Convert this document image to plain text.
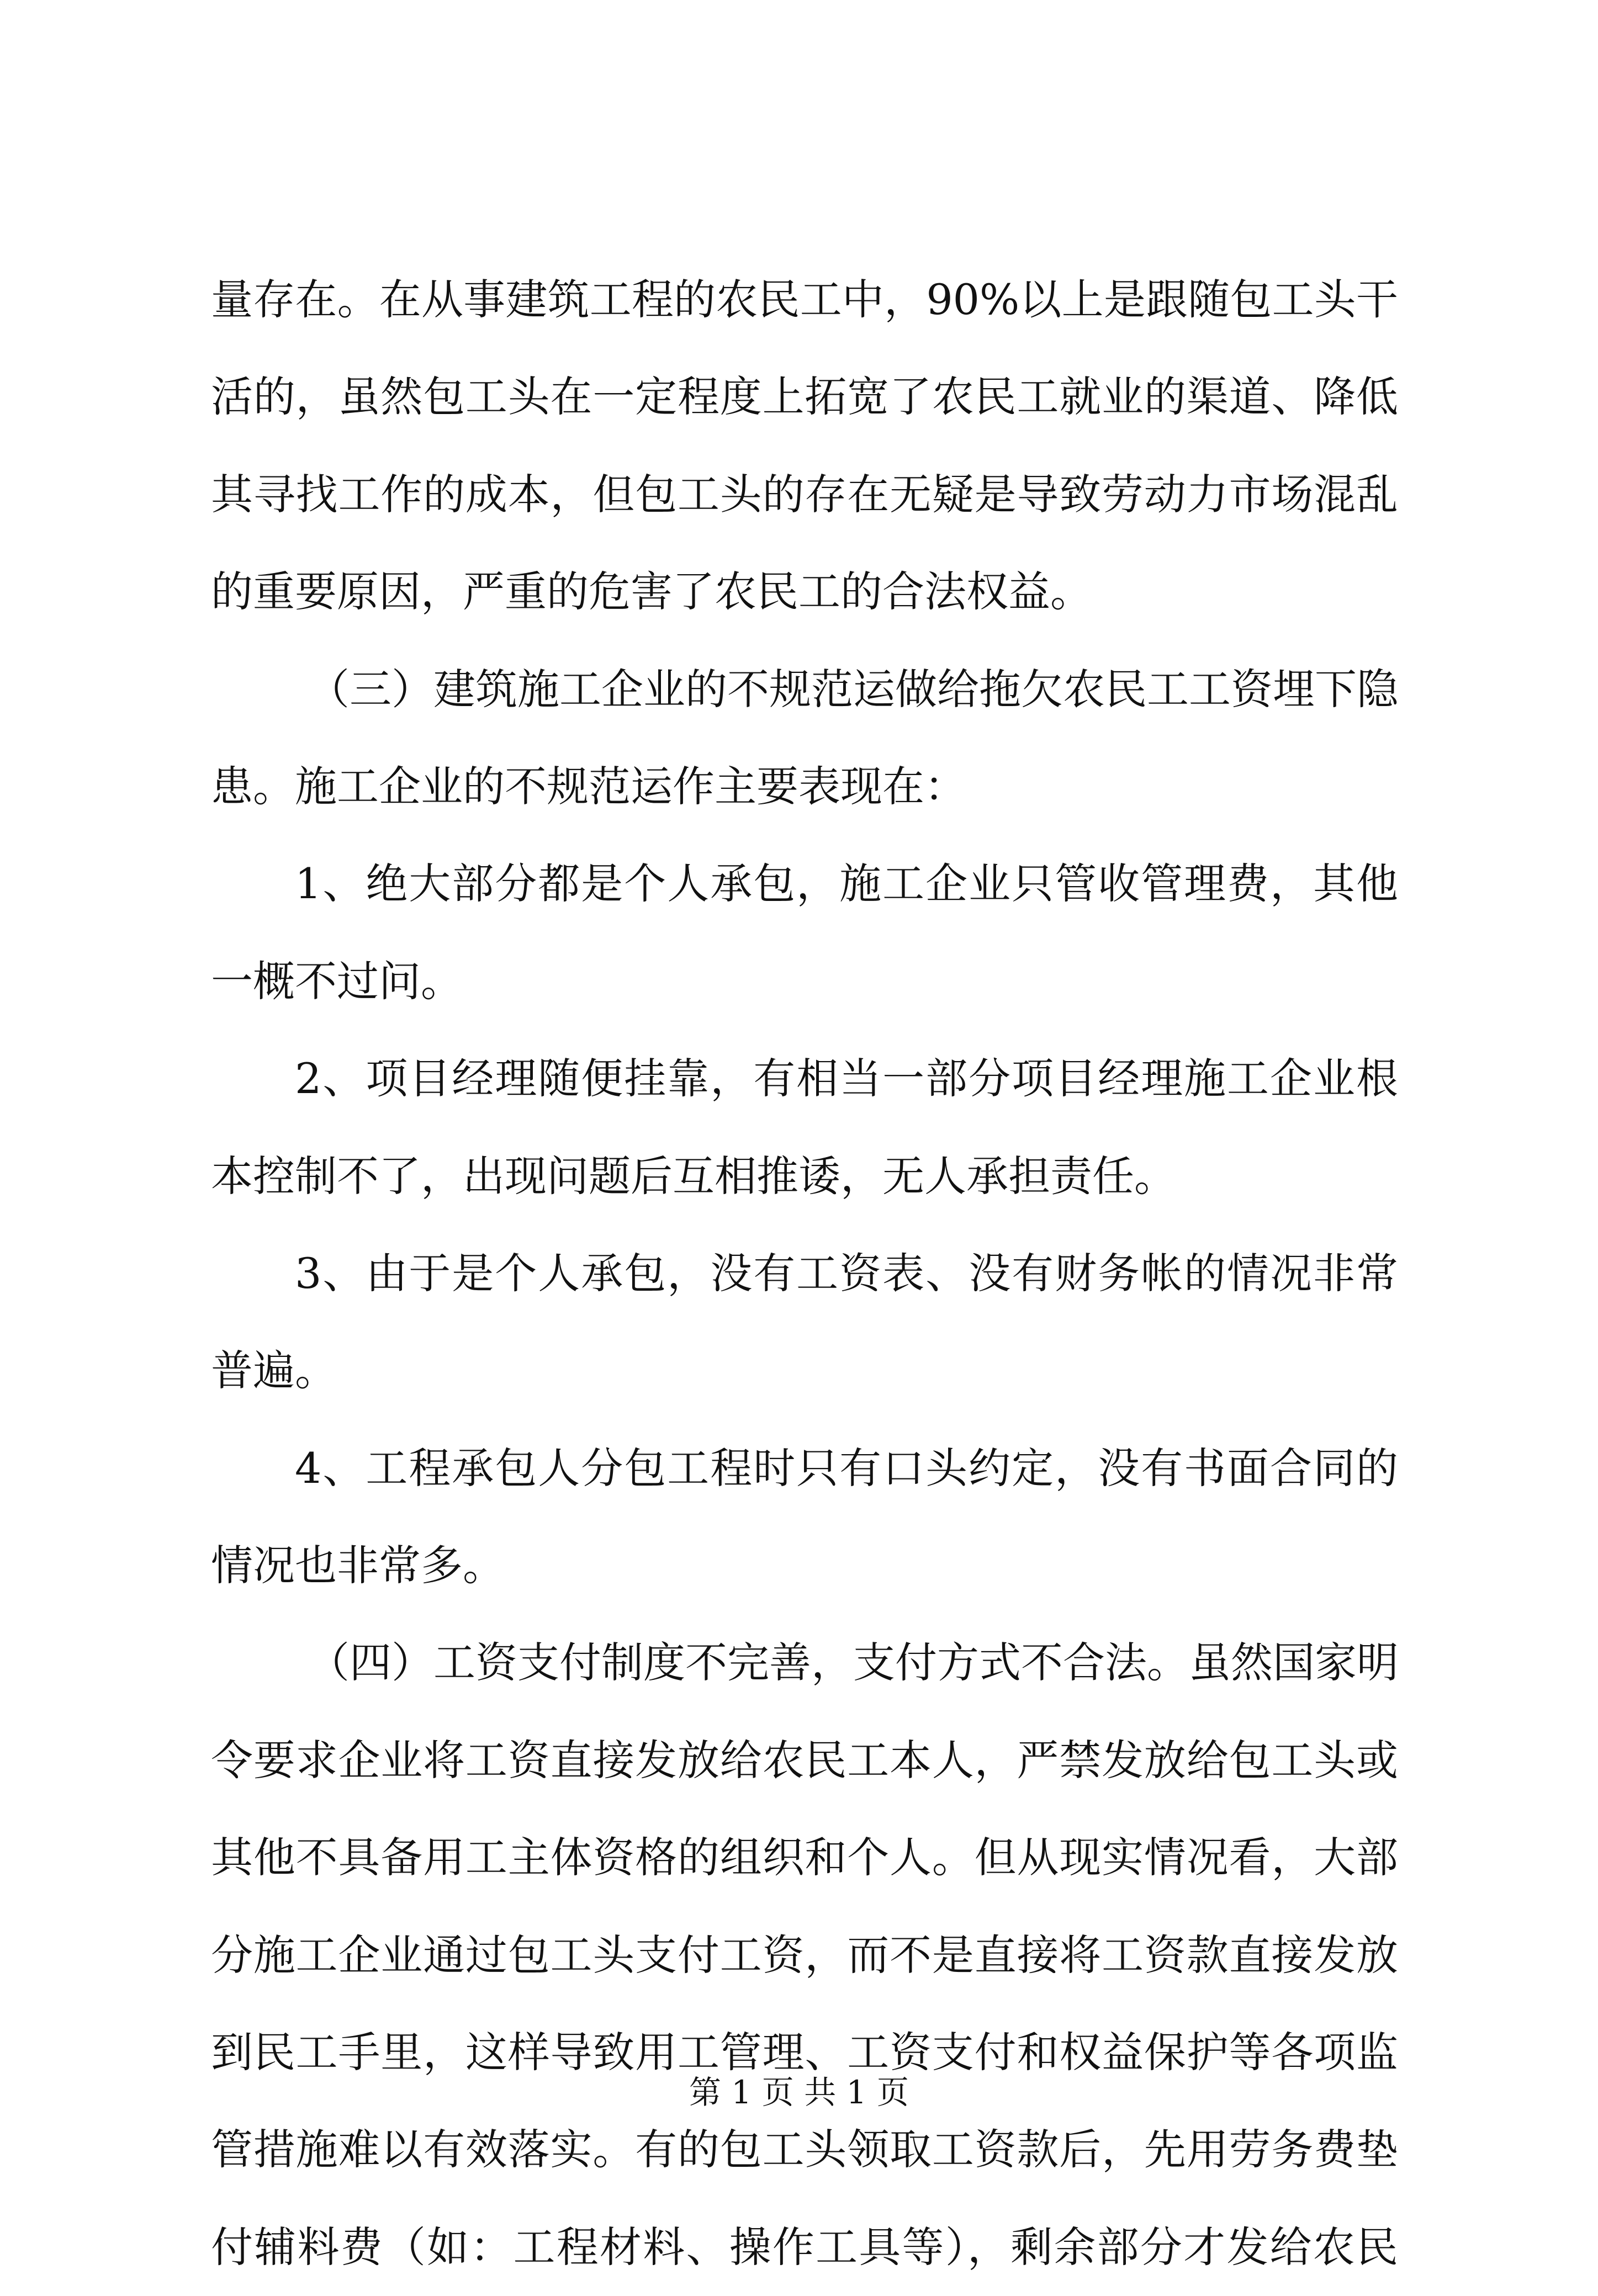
量存在。在从事建筑工程的农民工中，90%以上是跟随包工头干
活的，虽然包工头在一定程度上拓宽了农民工就业的渠道、降低
其寻找工作的成本，但包工头的存在无疑是导致劳动力市场混乱
的重要原因，严重的危害了农民工的合法权益。
（三）建筑施工企业的不规范运做给拖欠农民工工资埋下隐
患。施工企业的不规范运作主要表现在：
1、绝大部分都是个人承包，施工企业只管收管理费，其他
一概不过问。
2、项目经理随便挂靠，有相当一部分项目经理施工企业根
本控制不了，出现问题后互相推诿，无人承担责任。
3、由于是个人承包，没有工资表、没有财务帐的情况非常
普遍。
4、工程承包人分包工程时只有口头约定，没有书面合同的
情况也非常多。
（四）工资支付制度不完善，支付方式不合法。虽然国家明
令要求企业将工资直接发放给农民工本人，严禁发放给包工头或
其他不具备用工主体资格的组织和个人。但从现实情况看，大部
分施工企业通过包工头支付工资，而不是直接将工资款直接发放
到民工手里，这样导致用工管理、工资支付和权益保护等各项监
管措施难以有效落实。有的包工头领取工资款后，先用劳务费垫
付辅料费（如：工程材料、操作工具等），剩余部分才发给农民
第 1 页 共 1 页
